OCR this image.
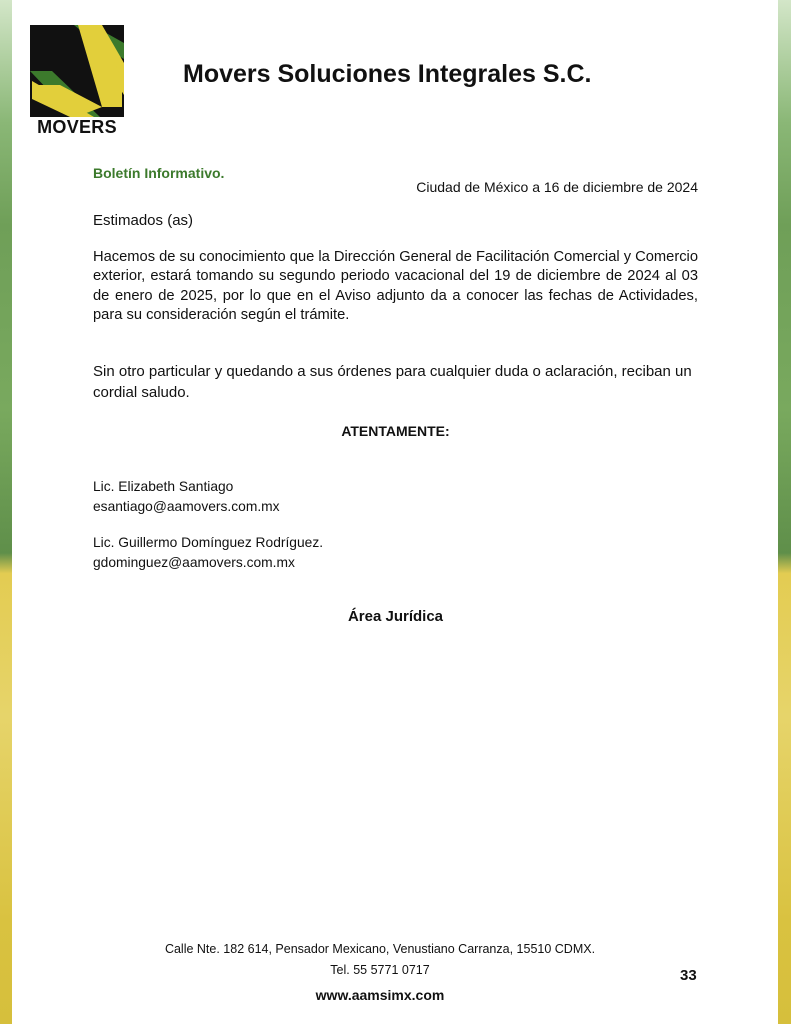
MOVERS
Movers Soluciones Integrales S.C.
Boletín Informativo.
Ciudad de México a 16 de diciembre de 2024
Estimados (as)
Hacemos de su conocimiento que la Dirección General de Facilitación Comercial y Comercio exterior, estará tomando su segundo periodo vacacional del 19 de diciembre de 2024 al 03 de enero de 2025, por lo que en el Aviso adjunto da a conocer las fechas de Actividades, para su consideración según el trámite.
Sin otro particular y quedando a sus órdenes para cualquier duda o aclaración, reciban un cordial saludo.
ATENTAMENTE:
Lic. Elizabeth Santiago
esantiago@aamovers.com.mx
Lic. Guillermo Domínguez Rodríguez.
gdominguez@aamovers.com.mx
Área Jurídica
Calle Nte. 182 614, Pensador Mexicano, Venustiano Carranza, 15510 CDMX.
Tel. 55 5771 0717
www.aamsimx.com
33
